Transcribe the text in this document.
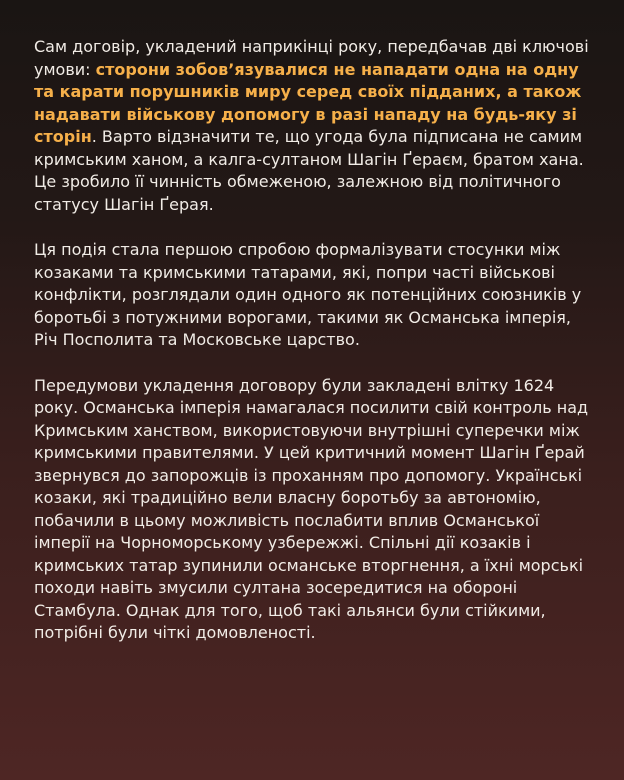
Сам договір, укладений наприкінці року, передбачав дві ключові умови: сторони зобов’язувалися не нападати одна на одну та карати порушників миру серед своїх підданих, а також надавати військову допомогу в разі нападу на будь-яку зі сторін. Варто відзначити те, що угода була підписана не самим кримським ханом, а калга-султаном Шагін Ґераєм, братом хана. Це зробило її чинність обмеженою, залежною від політичного статусу Шагін Ґерая.

Ця подія стала першою спробою формалізувати стосунки між козаками та кримськими татарами, які, попри часті військові конфлікти, розглядали один одного як потенційних союзників у боротьбі з потужними ворогами, такими як Османська імперія, Річ Посполита та Московське царство.

Передумови укладення договору були закладені влітку 1624 року. Османська імперія намагалася посилити свій контроль над Кримським ханством, використовуючи внутрішні суперечки між кримськими правителями. У цей критичний момент Шагін Ґерай звернувся до запорожців із проханням про допомогу. Українські козаки, які традиційно вели власну боротьбу за автономію, побачили в цьому можливість послабити вплив Османської імперії на Чорноморському узбережжі. Спільні дії козаків і кримських татар зупинили османське вторгнення, а їхні морські походи навіть змусили султана зосередитися на обороні Стамбула. Однак для того, щоб такі альянси були стійкими, потрібні були чіткі домовленості.
